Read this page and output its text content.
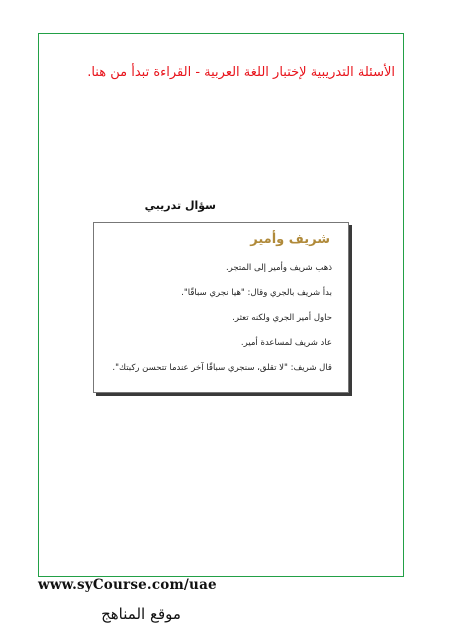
الأسئلة التدريبية لإختبار اللغة العربية - القراءة تبدأ من هنا.
سؤال تدريبي
شريف وأمير
ذهب شريف وأمير إلى المتجر.
بدأ شريف بالجري وقال: "هيا نجري سباقًا".
حاول أمير الجري ولكنه تعثر.
عاد شريف لمساعدة أمير.
قال شريف: "لا تقلق، سنجري سباقًا آخر عندما تتحسن ركبتك".
www.syCourse.com/uae
موقع المناهج
